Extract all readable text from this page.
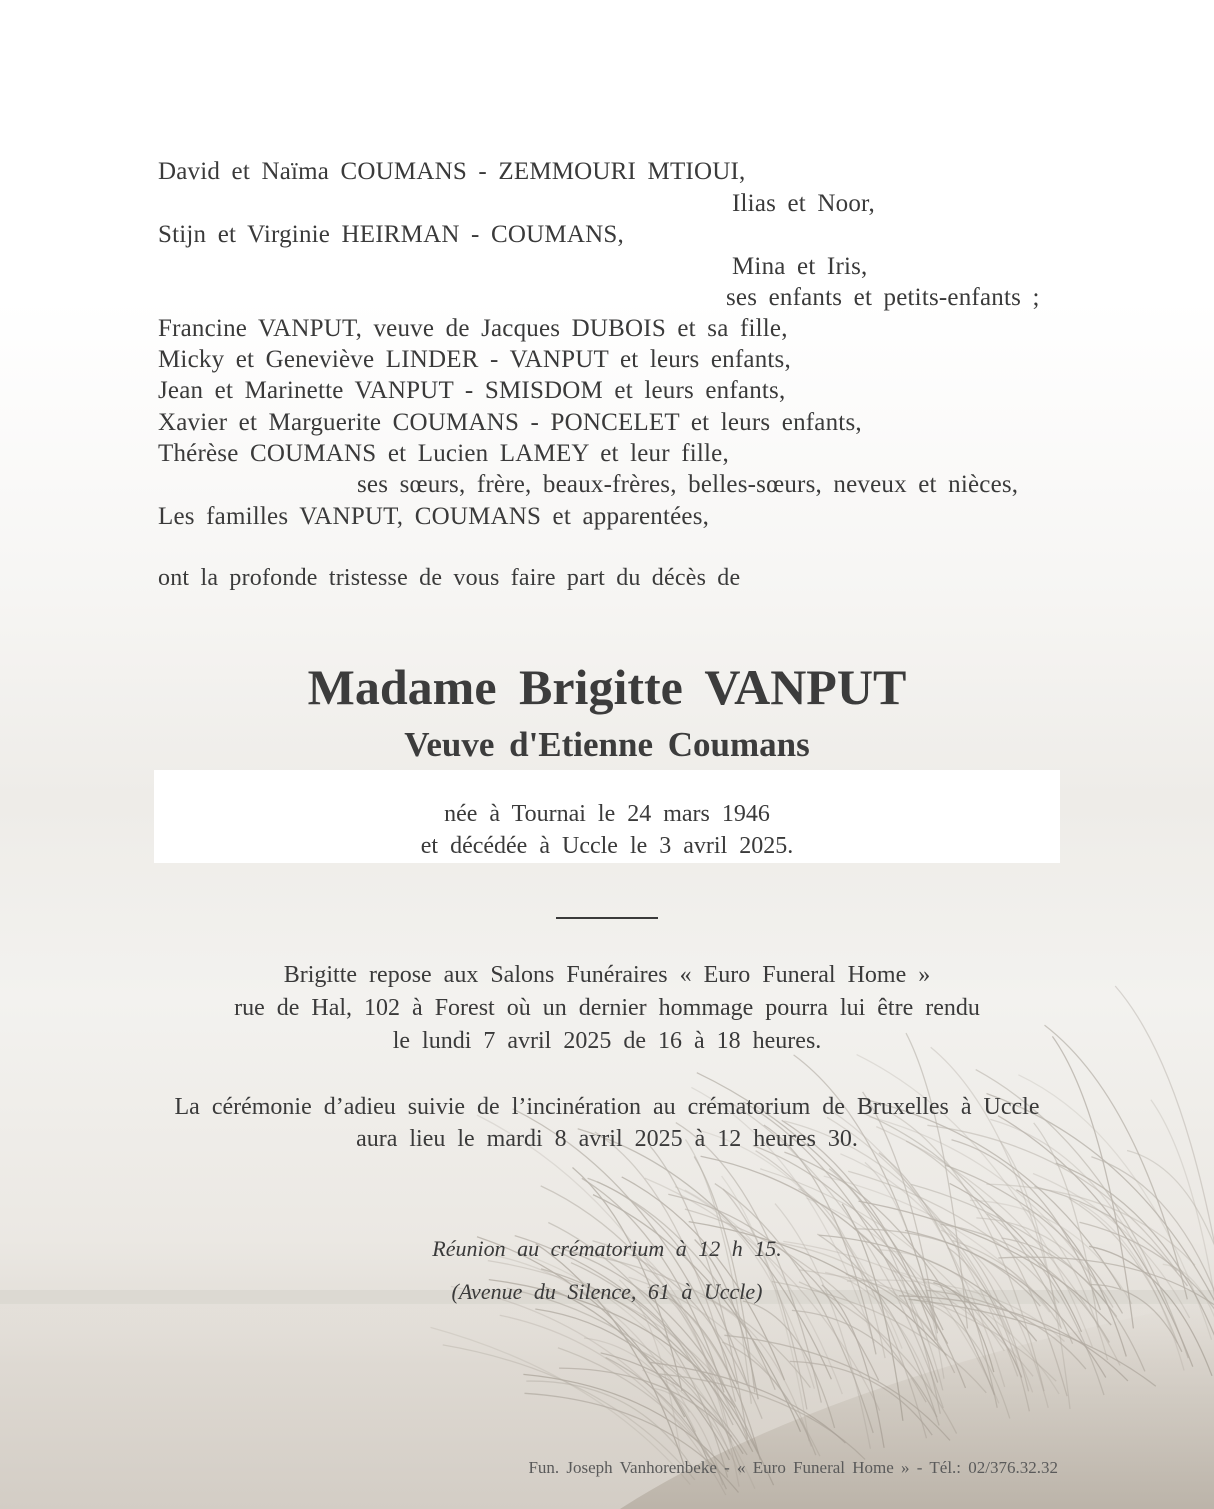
David et Naïma COUMANS - ZEMMOURI MTIOUI,
Ilias et Noor,
Stijn et Virginie HEIRMAN - COUMANS,
Mina et Iris,
ses enfants et petits-enfants ;
Francine VANPUT, veuve de Jacques DUBOIS et sa fille,
Micky et Geneviève LINDER - VANPUT et leurs enfants,
Jean et Marinette VANPUT - SMISDOM et leurs enfants,
Xavier et Marguerite COUMANS - PONCELET et leurs enfants,
Thérèse COUMANS et Lucien LAMEY et leur fille,
ses sœurs, frère, beaux-frères, belles-sœurs, neveux et nièces,
Les familles VANPUT, COUMANS et apparentées,
ont la profonde tristesse de vous faire part du décès de
Madame Brigitte VANPUT
Veuve d'Etienne Coumans
née à Tournai le 24 mars 1946
et décédée à Uccle le 3 avril 2025.
Brigitte repose aux Salons Funéraires « Euro Funeral Home »
rue de Hal, 102 à Forest où un dernier hommage pourra lui être rendu
le lundi 7 avril 2025 de 16 à 18 heures.
La cérémonie d’adieu suivie de l’incinération au crématorium de Bruxelles à Uccle
aura lieu le mardi 8 avril 2025 à 12 heures 30.
Réunion au crématorium à 12 h 15.
(Avenue du Silence, 61 à Uccle)
Fun. Joseph Vanhorenbeke - « Euro Funeral Home » - Tél.: 02/376.32.32
